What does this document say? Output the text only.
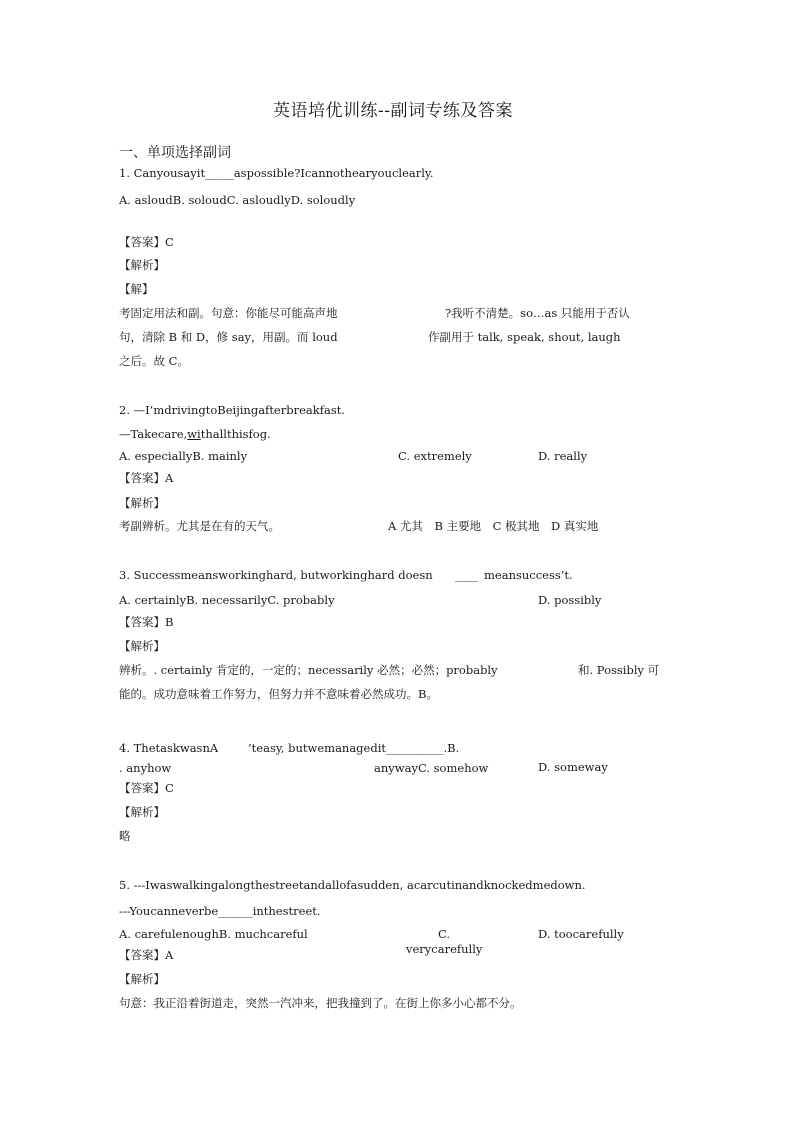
英语培优训练--副词专练及答案
一、单项选择副词
1. Canyousayit_____aspossible?Icannothearyouclearly.
A. asloudB. soloudC. asloudlyD. soloudly
【答案】C
【解析】
【解】
考固定用法和副。句意：你能尽可能高声地	?我听不清楚。so…as 只能用于否认
句，清除 B 和 D，修 say，用副。而 loud	作副用于 talk, speak, shout, laugh
之后。故 C。
2. —I’mdrivingtoBeijingafterbreakfast.
—Takecare,withallthisfog.
A. especiallyB. mainly	C. extremely	D. really
【答案】A
【解析】
考副辨析。尤其是在有的天气。	A 尤其　B 主要地　C 极其地　D 真实地
3. Successmeansworkinghard, butworkinghard doesn ____ meansuccess’t.
A. certainlyB. necessarilyC. probably	D. possibly
【答案】B
【解析】
辨析。. certainly 肯定的，一定的；necessarily 必然；必然；probably	和. Possibly 可
能的。成功意味着工作努力，但努力并不意味着必然成功。B。
4. ThetaskwasnA	’teasy, butwemanagedit__________.B.
. anyhow	anywayC. somehow	D. someway
【答案】C
【解析】
略
5. ---Iwaswalkingalongthestreetandallofasudden, acarcutinandknockedmedown.
---Youcanneverbe______inthestreet.
A. carefulenoughB. muchcareful	C.
verycarefully
D. toocarefully
【答案】A
【解析】
句意：我正沿着街道走，突然一汽冲来，把我撞到了。在街上你多小心都不分。
